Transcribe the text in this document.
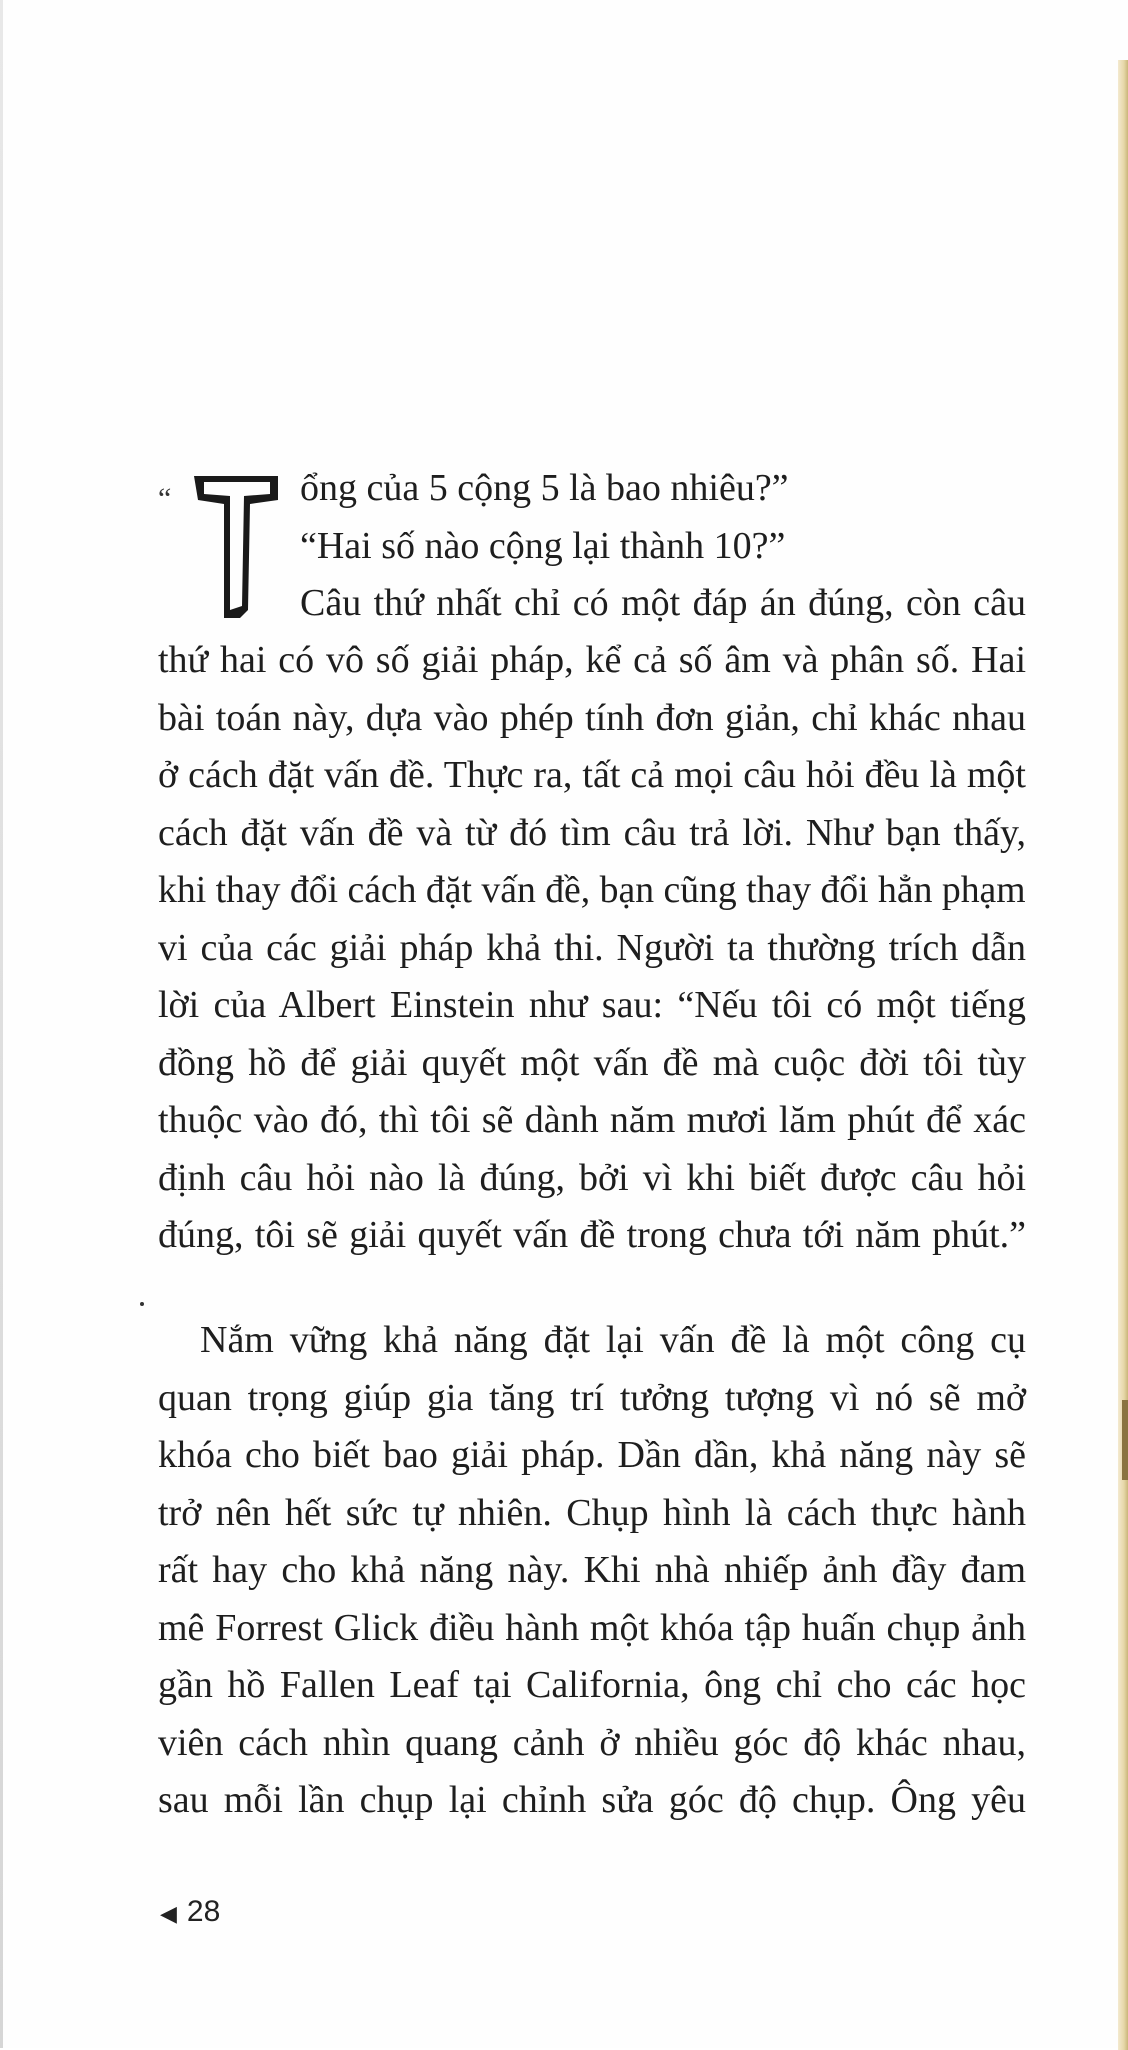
“
T
ổng của 5 cộng 5 là bao nhiêu?”
“Hai số nào cộng lại thành 10?”
Câu thứ nhất chỉ có một đáp án đúng, còn câu
thứ hai có vô số giải pháp, kể cả số âm và phân số. Hai
bài toán này, dựa vào phép tính đơn giản, chỉ khác nhau
ở cách đặt vấn đề. Thực ra, tất cả mọi câu hỏi đều là một
cách đặt vấn đề và từ đó tìm câu trả lời. Như bạn thấy,
khi thay đổi cách đặt vấn đề, bạn cũng thay đổi hẳn phạm
vi của các giải pháp khả thi. Người ta thường trích dẫn
lời của Albert Einstein như sau: “Nếu tôi có một tiếng
đồng hồ để giải quyết một vấn đề mà cuộc đời tôi tùy
thuộc vào đó, thì tôi sẽ dành năm mươi lăm phút để xác
định câu hỏi nào là đúng, bởi vì khi biết được câu hỏi
đúng, tôi sẽ giải quyết vấn đề trong chưa tới năm phút.”
Nắm vững khả năng đặt lại vấn đề là một công cụ
quan trọng giúp gia tăng trí tưởng tượng vì nó sẽ mở
khóa cho biết bao giải pháp. Dần dần, khả năng này sẽ
trở nên hết sức tự nhiên. Chụp hình là cách thực hành
rất hay cho khả năng này. Khi nhà nhiếp ảnh đầy đam
mê Forrest Glick điều hành một khóa tập huấn chụp ảnh
gần hồ Fallen Leaf tại California, ông chỉ cho các học
viên cách nhìn quang cảnh ở nhiều góc độ khác nhau,
sau mỗi lần chụp lại chỉnh sửa góc độ chụp. Ông yêu
◀ 28
